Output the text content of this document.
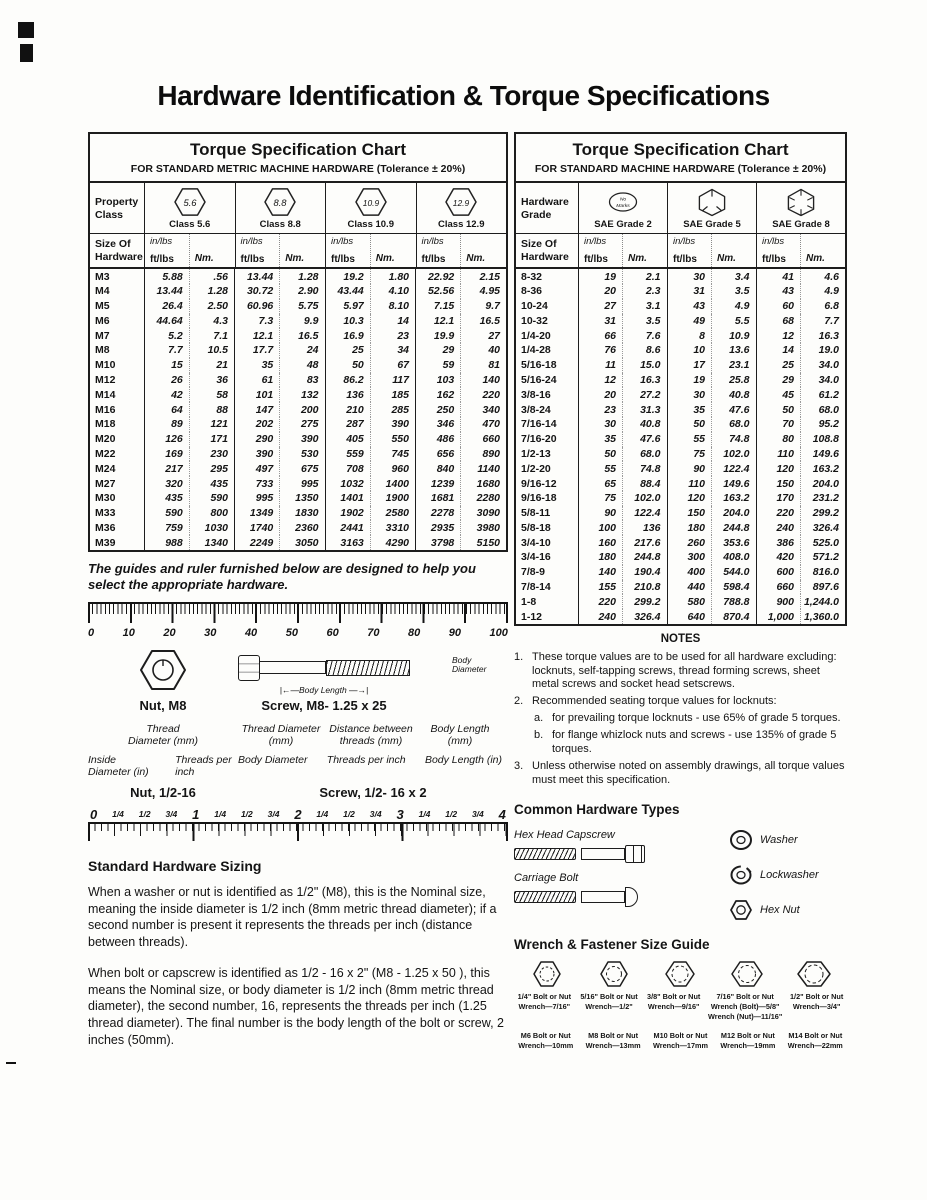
Hardware Identification & Torque Specifications
Torque Specification Chart
FOR STANDARD METRIC MACHINE HARDWARE (Tolerance ± 20%)
Property
Class
5.6
Class 5.6
8.8
Class 8.8
10.9
Class 10.9
12.9
Class 12.9
Size Of
Hardware
in/lbs
ft/lbs	Nm.
in/lbs
ft/lbs	Nm.
in/lbs
ft/lbs	Nm.
in/lbs
ft/lbs	Nm.
M3	5.88	.56	13.44	1.28	19.2	1.80	22.92	2.15
M4	13.44	1.28	30.72	2.90	43.44	4.10	52.56	4.95
M5	26.4	2.50	60.96	5.75	5.97	8.10	7.15	9.7
M6	44.64	4.3	7.3	9.9	10.3	14	12.1	16.5
M7	5.2	7.1	12.1	16.5	16.9	23	19.9	27
M8	7.7	10.5	17.7	24	25	34	29	40
M10	15	21	35	48	50	67	59	81
M12	26	36	61	83	86.2	117	103	140
M14	42	58	101	132	136	185	162	220
M16	64	88	147	200	210	285	250	340
M18	89	121	202	275	287	390	346	470
M20	126	171	290	390	405	550	486	660
M22	169	230	390	530	559	745	656	890
M24	217	295	497	675	708	960	840	1140
M27	320	435	733	995	1032	1400	1239	1680
M30	435	590	995	1350	1401	1900	1681	2280
M33	590	800	1349	1830	1902	2580	2278	3090
M36	759	1030	1740	2360	2441	3310	2935	3980
M39	988	1340	2249	3050	3163	4290	3798	5150
The guides and ruler furnished below are designed to help you select the appropriate hardware.
0	10	20	30	40	50	60	70	80	90	100
Nut, M8
Body Diameter
|←— Body Length —→|
Screw, M8- 1.25 x 25
Thread
Diameter (mm)
Thread Diameter (mm)
Distance between threads (mm)
Body Length (mm)
Inside Diameter (in)
Threads per inch
Body Diameter Threads per inch Body Length (in)
Nut, 1/2-16	Screw, 1/2- 16 x 2
0 1/4 1/2 3/4 1 1/4 1/2 3/4 2 1/4 1/2 3/4 3 1/4 1/2 3/4 4
Standard Hardware Sizing

When a washer or nut is identified as 1/2" (M8), this is the Nominal size, meaning the inside diameter is 1/2 inch (8mm metric thread diameter); if a second number is present it represents the threads per inch (distance between threads).

When bolt or capscrew is identified as 1/2 - 16 x 2" (M8 - 1.25 x 50 ), this means the Nominal size, or body diameter is 1/2 inch (8mm metric thread diameter), the second number, 16, represents the threads per inch (1.25 thread diameter). The final number is the body length of the bolt or screw, 2 inches (50mm).

Torque Specification Chart
FOR STANDARD MACHINE HARDWARE (Tolerance ± 20%)
Hardware
Grade
No
Marks
SAE Grade 2	SAE Grade 5	SAE Grade 8
Size Of
Hardware
in/lbs
ft/lbs	Nm.
in/lbs
ft/lbs	Nm.
in/lbs
ft/lbs	Nm.
8-32	19	2.1	30	3.4	41	4.6
8-36	20	2.3	31	3.5	43	4.9
10-24	27	3.1	43	4.9	60	6.8
10-32	31	3.5	49	5.5	68	7.7
1/4-20	66	7.6	8	10.9	12	16.3
1/4-28	76	8.6	10	13.6	14	19.0
5/16-18	11	15.0	17	23.1	25	34.0
5/16-24	12	16.3	19	25.8	29	34.0
3/8-16	20	27.2	30	40.8	45	61.2
3/8-24	23	31.3	35	47.6	50	68.0
7/16-14	30	40.8	50	68.0	70	95.2
7/16-20	35	47.6	55	74.8	80	108.8
1/2-13	50	68.0	75	102.0	110	149.6
1/2-20	55	74.8	90	122.4	120	163.2
9/16-12	65	88.4	110	149.6	150	204.0
9/16-18	75	102.0	120	163.2	170	231.2
5/8-11	90	122.4	150	204.0	220	299.2
5/8-18	100	136	180	244.8	240	326.4
3/4-10	160	217.6	260	353.6	386	525.0
3/4-16	180	244.8	300	408.0	420	571.2
7/8-9	140	190.4	400	544.0	600	816.0
7/8-14	155	210.8	440	598.4	660	897.6
1-8	220	299.2	580	788.8	900	1,244.0
1-12	240	326.4	640	870.4	1,000	1,360.0
NOTES
1. These torque values are to be used for all hardware excluding: locknuts, self-tapping screws, thread forming screws, sheet metal screws and socket head setscrews.
2. Recommended seating torque values for locknuts:
a. for prevailing torque locknuts - use 65% of grade 5 torques.
b. for flange whizlock nuts and screws - use 135% of grade 5 torques.
3. Unless otherwise noted on assembly drawings, all torque values must meet this specification.
Common Hardware Types
Hex Head Capscrew
Carriage Bolt
Washer
Lockwasher
Hex Nut
Wrench & Fastener Size Guide
1/4" Bolt or Nut
Wrench—7/16"
5/16" Bolt or Nut
Wrench—1/2"
3/8" Bolt or Nut
Wrench—9/16"
7/16" Bolt or Nut
Wrench (Bolt)—5/8"
Wrench (Nut)—11/16"
1/2" Bolt or Nut
Wrench—3/4"
M6 Bolt or Nut
Wrench—10mm
M8 Bolt or Nut
Wrench—13mm
M10 Bolt or Nut
Wrench—17mm
M12 Bolt or Nut
Wrench—19mm
M14 Bolt or Nut
Wrench—22mm
